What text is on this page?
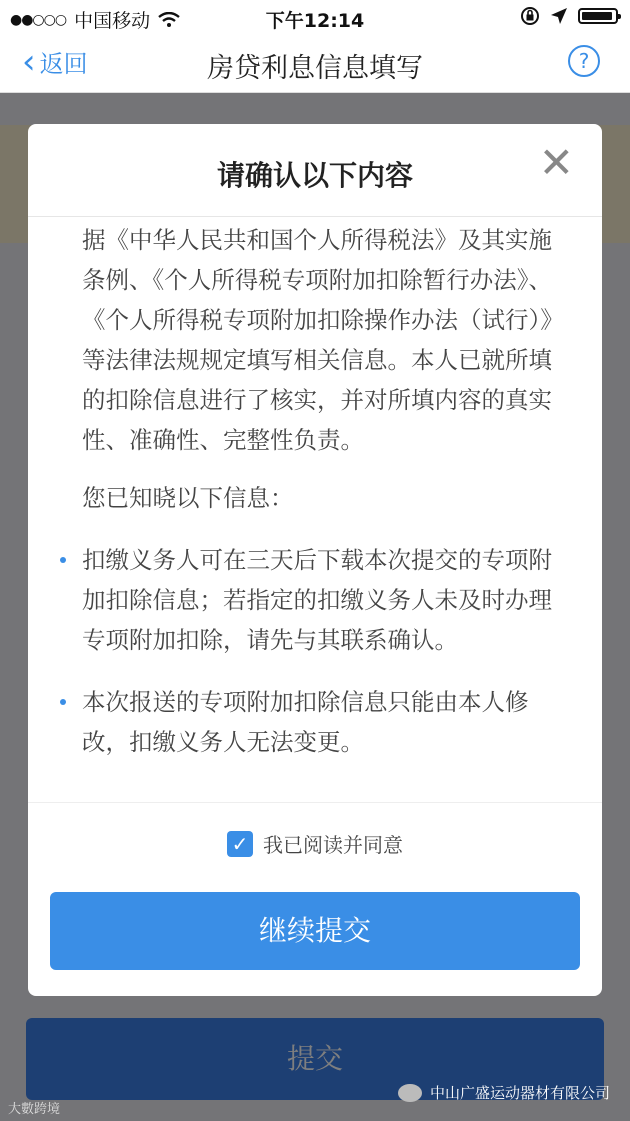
●●○○○ 中国移动	下午12:14
‹ 返回	房贷利息信息填写	?
请确认以下内容	✕

据《中华人民共和国个人所得税法》及其实施条例、《个人所得税专项附加扣除暂行办法》、《个人所得税专项附加扣除操作办法（试行）》等法律法规规定填写相关信息。本人已就所填的扣除信息进行了核实，并对所填内容的真实性、准确性、完整性负责。

您已知晓以下信息：

扣缴义务人可在三天后下载本次提交的专项附加扣除信息；若指定的扣缴义务人未及时办理专项附加扣除，请先与其联系确认。
本次报送的专项附加扣除信息只能由本人修改，扣缴义务人无法变更。
✓ 我已阅读并同意
继续提交
中山广盛运动器材有限公司
大數跨境
